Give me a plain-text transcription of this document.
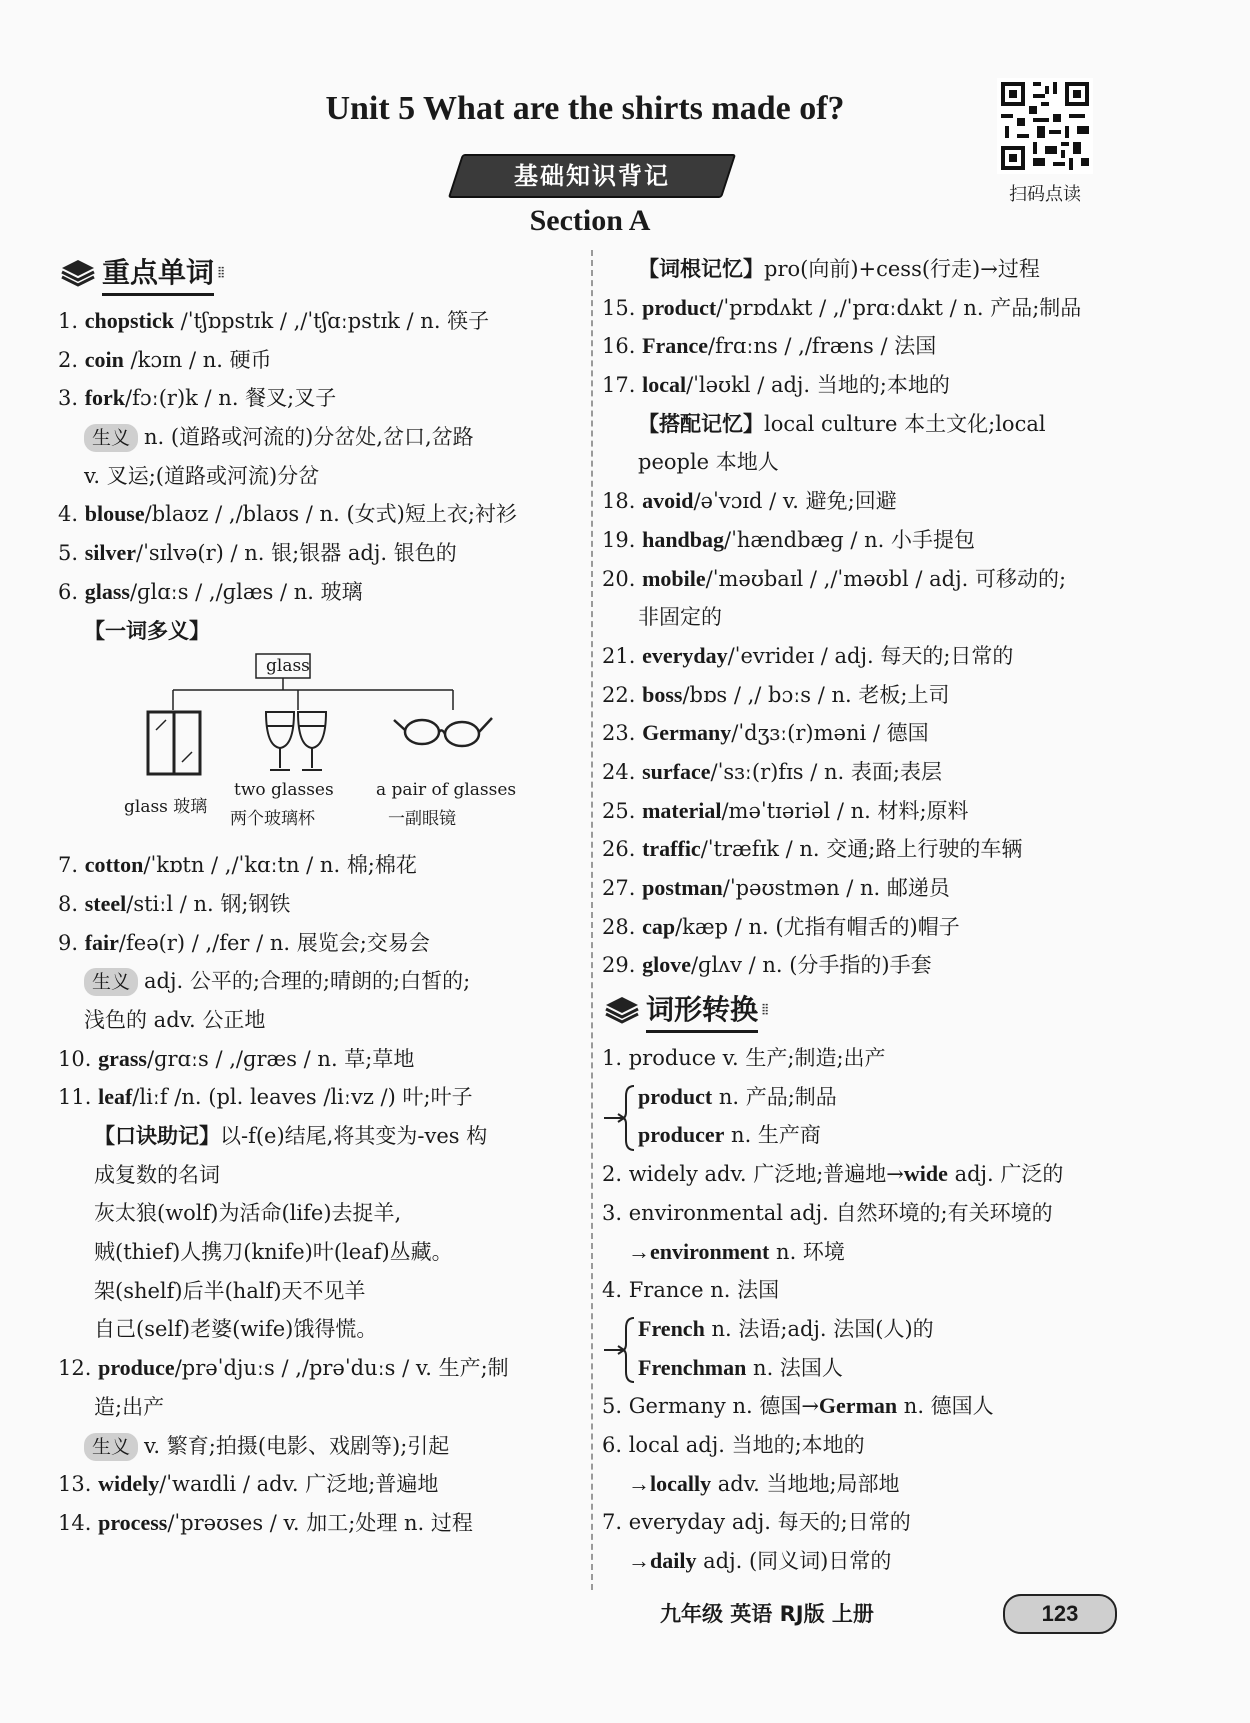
Unit 5 What are the shirts made of?
扫码点读
基础知识背记
Section A
重点单词 ⦙⦙
1. chopstick /ˈtʃɒpstɪk / ,/ˈtʃɑːpstɪk / n. 筷子
2. coin /kɔɪn / n. 硬币
3. fork/fɔː(r)k / n. 餐叉;叉子
生义 n. (道路或河流的)分岔处,岔口,岔路
v. 叉运;(道路或河流)分岔
4. blouse/blaʊz / ,/blaʊs / n. (女式)短上衣;衬衫
5. silver/ˈsɪlvə(r) / n. 银;银器 adj. 银色的
6. glass/ɡlɑːs / ,/ɡlæs / n. 玻璃
【一词多义】
glass
glass 玻璃
two glasses
两个玻璃杯
a pair of glasses
一副眼镜
7. cotton/ˈkɒtn / ,/ˈkɑːtn / n. 棉;棉花
8. steel/stiːl / n. 钢;钢铁
9. fair/feə(r) / ,/fer / n. 展览会;交易会
生义 adj. 公平的;合理的;晴朗的;白皙的;
浅色的 adv. 公正地
10. grass/ɡrɑːs / ,/ɡræs / n. 草;草地
11. leaf/liːf /n. (pl. leaves /liːvz /) 叶;叶子
【口诀助记】以-f(e)结尾,将其变为-ves 构
成复数的名词
灰太狼(wolf)为活命(life)去捉羊,
贼(thief)人携刀(knife)叶(leaf)丛藏。
架(shelf)后半(half)天不见羊
自己(self)老婆(wife)饿得慌。
12. produce/prəˈdjuːs / ,/prəˈduːs / v. 生产;制
造;出产
生义 v. 繁育;拍摄(电影、戏剧等);引起
13. widely/ˈwaɪdli / adv. 广泛地;普遍地
14. process/ˈprəʊses / v. 加工;处理 n. 过程
【词根记忆】pro(向前)+cess(行走)→过程
15. product/ˈprɒdʌkt / ,/ˈprɑːdʌkt / n. 产品;制品
16. France/frɑːns / ,/fræns / 法国
17. local/ˈləʊkl / adj. 当地的;本地的
【搭配记忆】local culture 本土文化;local
people 本地人
18. avoid/əˈvɔɪd / v. 避免;回避
19. handbag/ˈhændbæɡ / n. 小手提包
20. mobile/ˈməʊbaɪl / ,/ˈməʊbl / adj. 可移动的;
非固定的
21. everyday/ˈevrideɪ / adj. 每天的;日常的
22. boss/bɒs / ,/ bɔːs / n. 老板;上司
23. Germany/ˈdʒɜː(r)məni / 德国
24. surface/ˈsɜː(r)fɪs / n. 表面;表层
25. material/məˈtɪəriəl / n. 材料;原料
26. traffic/ˈtræfɪk / n. 交通;路上行驶的车辆
27. postman/ˈpəʊstmən / n. 邮递员
28. cap/kæp / n. (尤指有帽舌的)帽子
29. glove/ɡlʌv / n. (分手指的)手套
词形转换 ⦙⦙
1. produce v. 生产;制造;出产
product n. 产品;制品
producer n. 生产商
2. widely adv. 广泛地;普遍地→wide adj. 广泛的
3. environmental adj. 自然环境的;有关环境的
→environment n. 环境
4. France n. 法国
French n. 法语;adj. 法国(人)的
Frenchman n. 法国人
5. Germany n. 德国→German n. 德国人
6. local adj. 当地的;本地的
→locally adv. 当地地;局部地
7. everyday adj. 每天的;日常的
→daily adj. (同义词)日常的
九年级 英语 RJ版 上册	123
